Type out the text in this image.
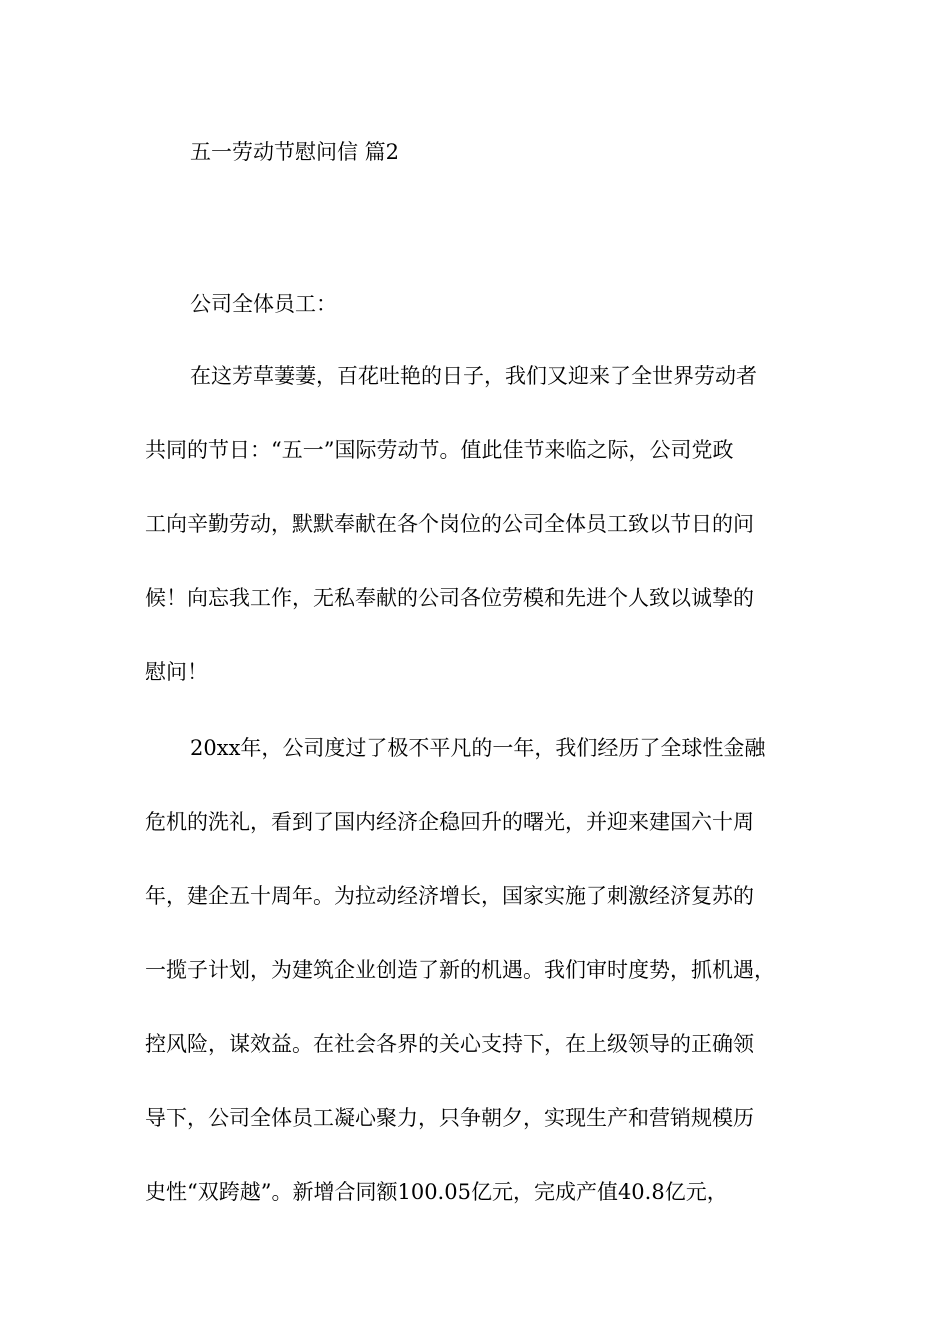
五一劳动节慰问信 篇2
公司全体员工：
在这芳草萋萋，百花吐艳的日子，我们又迎来了全世界劳动者
共同的节日：“五一”国际劳动节。值此佳节来临之际，公司党政
工向辛勤劳动，默默奉献在各个岗位的公司全体员工致以节日的问
候！向忘我工作，无私奉献的公司各位劳模和先进个人致以诚挚的
慰问！
20xx年，公司度过了极不平凡的一年，我们经历了全球性金融
危机的洗礼，看到了国内经济企稳回升的曙光，并迎来建国六十周
年，建企五十周年。为拉动经济增长，国家实施了刺激经济复苏的
一揽子计划，为建筑企业创造了新的机遇。我们审时度势，抓机遇，
控风险，谋效益。在社会各界的关心支持下，在上级领导的正确领
导下，公司全体员工凝心聚力，只争朝夕，实现生产和营销规模历
史性“双跨越”。新增合同额100.05亿元，完成产值40.8亿元，
